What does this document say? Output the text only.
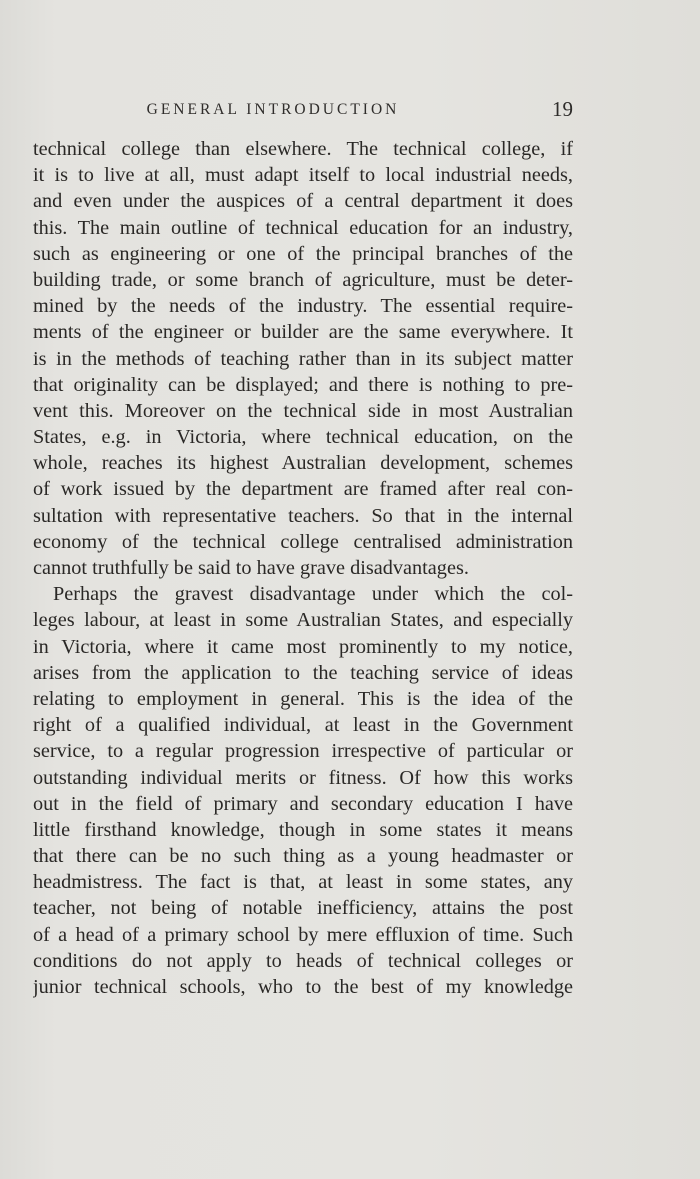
GENERAL INTRODUCTION	19
technical college than elsewhere. The technical college, if
it is to live at all, must adapt itself to local industrial needs,
and even under the auspices of a central department it does
this. The main outline of technical education for an industry,
such as engineering or one of the principal branches of the
building trade, or some branch of agriculture, must be deter-
mined by the needs of the industry. The essential require-
ments of the engineer or builder are the same everywhere. It
is in the methods of teaching rather than in its subject matter
that originality can be displayed; and there is nothing to pre-
vent this. Moreover on the technical side in most Australian
States, e.g. in Victoria, where technical education, on the
whole, reaches its highest Australian development, schemes
of work issued by the department are framed after real con-
sultation with representative teachers. So that in the internal
economy of the technical college centralised administration
cannot truthfully be said to have grave disadvantages.
Perhaps the gravest disadvantage under which the col-
leges labour, at least in some Australian States, and especially
in Victoria, where it came most prominently to my notice,
arises from the application to the teaching service of ideas
relating to employment in general. This is the idea of the
right of a qualified individual, at least in the Government
service, to a regular progression irrespective of particular or
outstanding individual merits or fitness. Of how this works
out in the field of primary and secondary education I have
little firsthand knowledge, though in some states it means
that there can be no such thing as a young headmaster or
headmistress. The fact is that, at least in some states, any
teacher, not being of notable inefficiency, attains the post
of a head of a primary school by mere effluxion of time. Such
conditions do not apply to heads of technical colleges or
junior technical schools, who to the best of my knowledge
